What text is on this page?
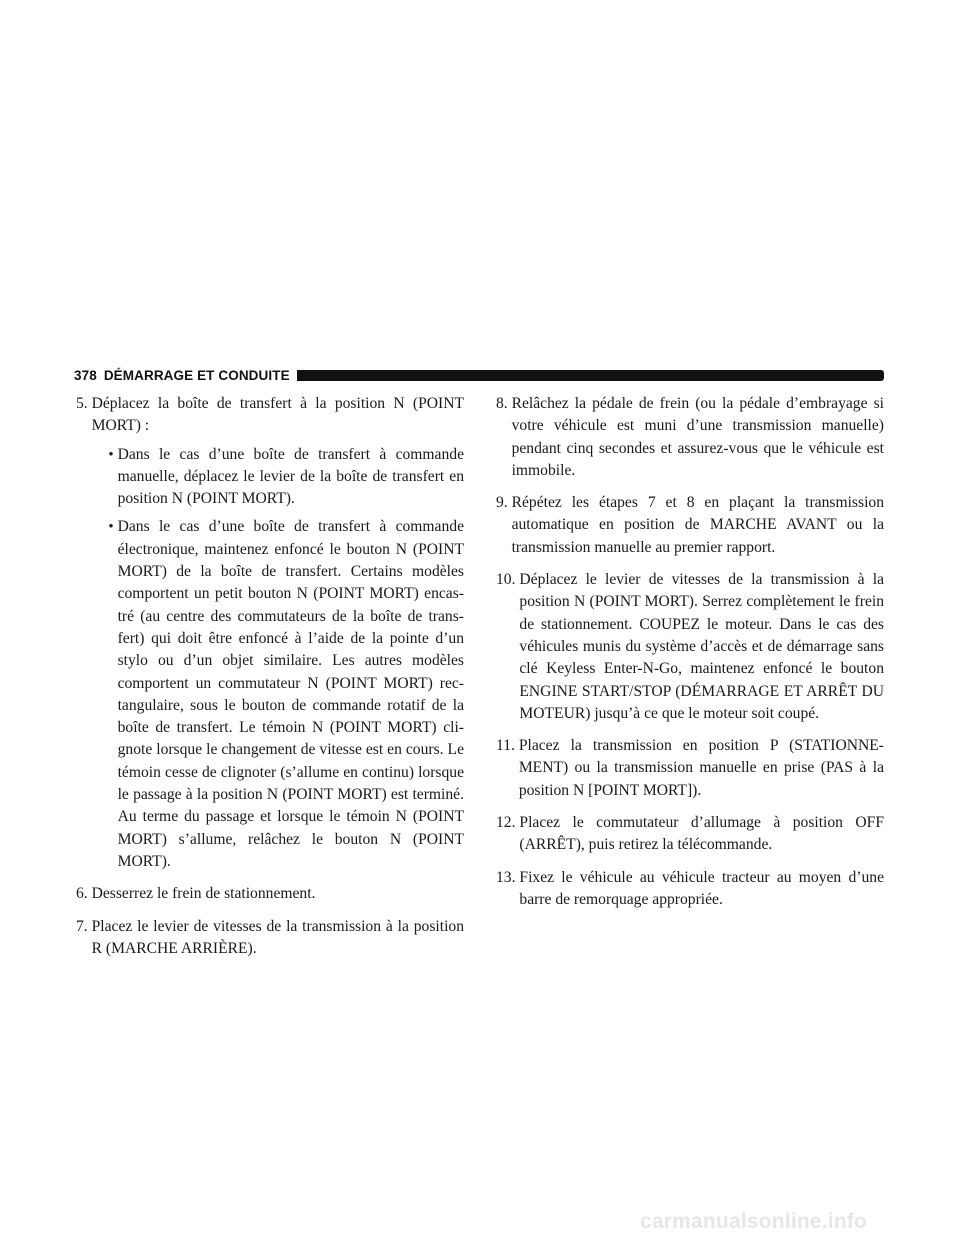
378 DÉMARRAGE ET CONDUITE
5. Déplacez la boîte de transfert à la position N (POINT MORT) :

• Dans le cas d’une boîte de transfert à commande manuelle, déplacez le levier de la boîte de transfert en position N (POINT MORT).
• Dans le cas d’une boîte de transfert à commande électronique, maintenez enfoncé le bouton N (POINT MORT) de la boîte de transfert. Certains modèles comportent un petit bouton N (POINT MORT) encastré (au centre des commutateurs de la boîte de transfert) qui doit être enfoncé à l’aide de la pointe d’un stylo ou d’un objet similaire. Les autres modèles comportent un commutateur N (POINT MORT) rectangulaire, sous le bouton de commande rotatif de la boîte de transfert. Le témoin N (POINT MORT) clignote lorsque le changement de vitesse est en cours. Le témoin cesse de clignoter (s’allume en continu) lorsque le passage à la position N (POINT MORT) est terminé. Au terme du passage et lorsque le témoin N (POINT MORT) s’allume, relâchez le bouton N (POINT MORT).
6. Desserrez le frein de stationnement.

7. Placez le levier de vitesses de la transmission à la position R (MARCHE ARRIÈRE).

8. Relâchez la pédale de frein (ou la pédale d’embrayage si votre véhicule est muni d’une transmission manuelle) pendant cinq secondes et assurez-vous que le véhicule est immobile.

9. Répétez les étapes 7 et 8 en plaçant la transmission automatique en position de MARCHE AVANT ou la transmission manuelle au premier rapport.

10. Déplacez le levier de vitesses de la transmission à la position N (POINT MORT). Serrez complètement le frein de stationnement. COUPEZ le moteur. Dans le cas des véhicules munis du système d’accès et de démarrage sans clé Keyless Enter-N-Go, maintenez enfoncé le bouton ENGINE START/STOP (DÉMARRAGE ET ARRÊT DU MOTEUR) jusqu’à ce que le moteur soit coupé.

11. Placez la transmission en position P (STATIONNEMENT) ou la transmission manuelle en prise (PAS à la position N [POINT MORT]).

12. Placez le commutateur d’allumage à position OFF (ARRÊT), puis retirez la télécommande.

13. Fixez le véhicule au véhicule tracteur au moyen d’une barre de remorquage appropriée.

carmanualsonline.info
